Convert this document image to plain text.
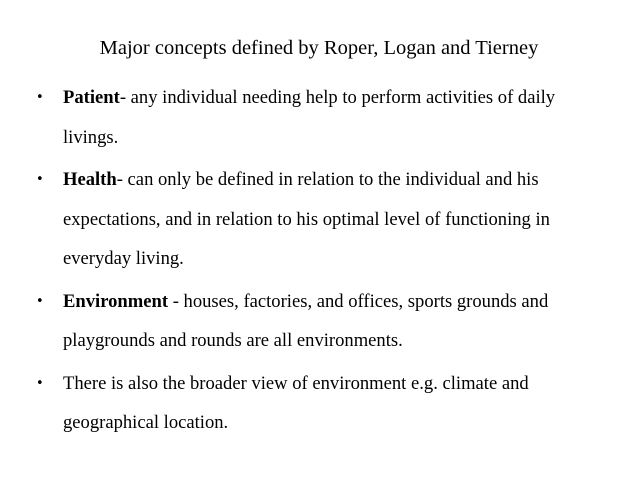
Major concepts defined by Roper, Logan and Tierney
• Patient- any individual needing help to perform activities of daily livings.
• Health- can only be defined in relation to the individual and his expectations, and in relation to his optimal level of functioning in everyday living.
• Environment - houses, factories, and offices, sports grounds and playgrounds and rounds are all environments.
• There is also the broader view of environment e.g. climate and geographical location.
